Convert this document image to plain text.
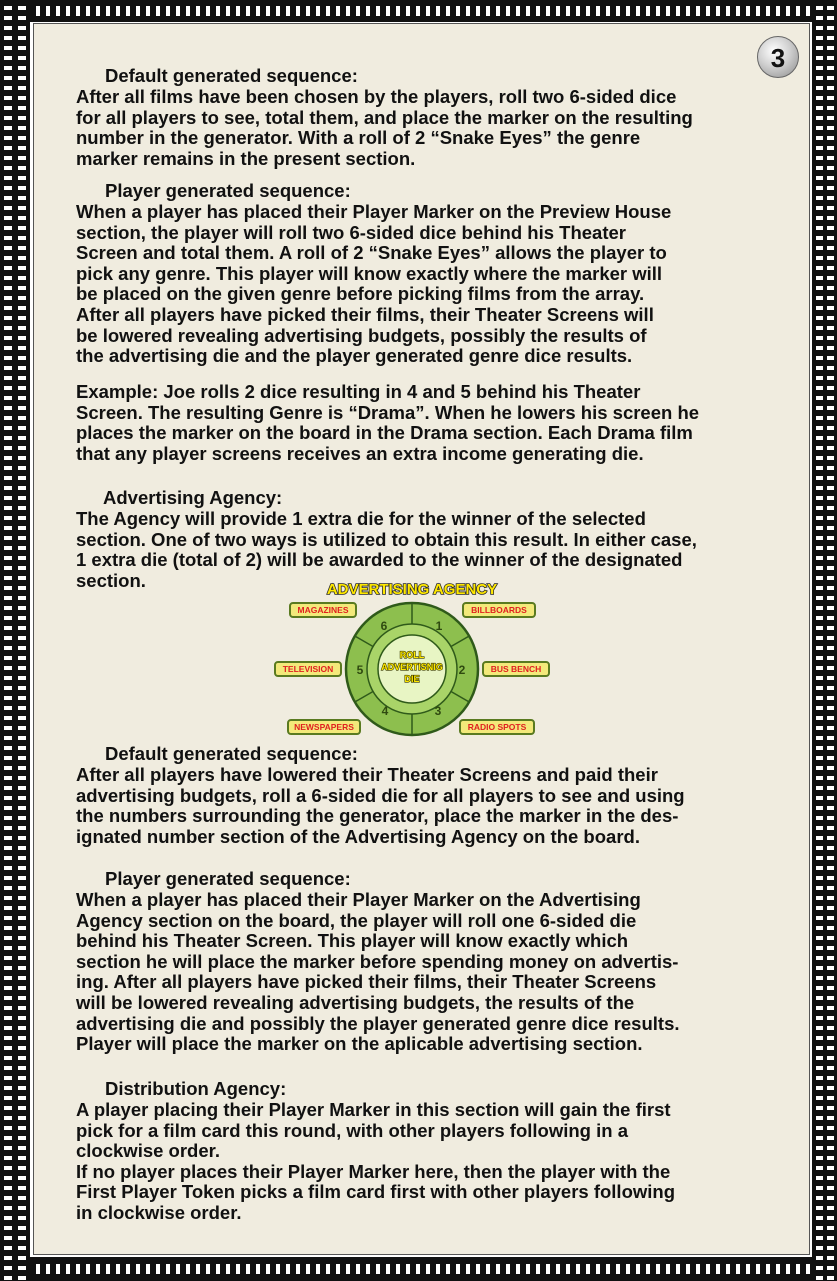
3
Default generated sequence:
After all films have been chosen by the players, roll two 6-sided dice
for all players to see, total them, and place the marker on the resulting
number in the generator. With a roll of 2 “Snake Eyes” the genre
marker remains in the present section.
Player generated sequence:
When a player has placed their Player Marker on the Preview House
section, the player will roll two 6-sided dice behind his Theater
Screen and total them. A roll of 2 “Snake Eyes” allows the player to
pick any genre. This player will know exactly where the marker will
be placed on the given genre before picking films from the array.
After all players have picked their films, their Theater Screens will
be lowered revealing advertising budgets, possibly the results of
the advertising die and the player generated genre dice results.
Example: Joe rolls 2 dice resulting in 4 and 5 behind his Theater
Screen. The resulting Genre is “Drama”. When he lowers his screen he
places the marker on the board in the Drama section. Each Drama film
that any player screens receives an extra income generating die.
Advertising Agency:
The Agency will provide 1 extra die for the winner of the selected
section. One of two ways is utilized to obtain this result. In either case,
1 extra die (total of 2) will be awarded to the winner of the designated
section.	ADVERTISING AGENCY
ROLL
ADVERTISNIG
DIE
1
2
3
4
5
6
MAGAZINES	BILLBOARDS
TELEVISION	BUS BENCH
NEWSPAPERS	RADIO SPOTS
Default generated sequence:
After all players have lowered their Theater Screens and paid their
advertising budgets, roll a 6-sided die for all players to see and using
the numbers surrounding the generator, place the marker in the des-
ignated number section of the Advertising Agency on the board.
Player generated sequence:
When a player has placed their Player Marker on the Advertising
Agency section on the board, the player will roll one 6-sided die
behind his Theater Screen. This player will know exactly which
section he will place the marker before spending money on advertis-
ing. After all players have picked their films, their Theater Screens
will be lowered revealing advertising budgets, the results of the
advertising die and possibly the player generated genre dice results.
Player will place the marker on the aplicable advertising section.
Distribution Agency:
A player placing their Player Marker in this section will gain the first
pick for a film card this round, with other players following in a
clockwise order.
If no player places their Player Marker here, then the player with the
First Player Token picks a film card first with other players following
in clockwise order.
